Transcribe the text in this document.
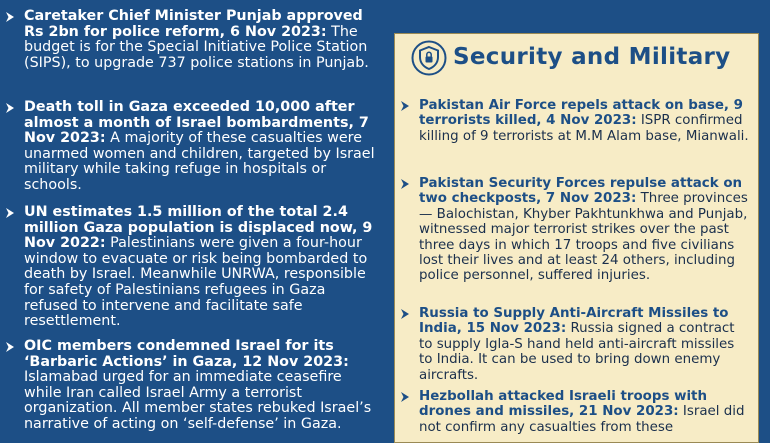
Caretaker Chief Minister Punjab approved Rs 2bn for police reform, 6 Nov 2023: The budget is for the Special Initiative Police Station (SIPS), to upgrade 737 police stations in Punjab.
Death toll in Gaza exceeded 10,000 after almost a month of Israel bombardments, 7 Nov 2023: A majority of these casualties were unarmed women and children, targeted by Israel military while taking refuge in hospitals or schools.
UN estimates 1.5 million of the total 2.4 million Gaza population is displaced now, 9 Nov 2022: Palestinians were given a four-hour window to evacuate or risk being bombarded to death by Israel. Meanwhile UNRWA, responsible for safety of Palestinians refugees in Gaza refused to intervene and facilitate safe resettlement.
OIC members condemned Israel for its ‘Barbaric Actions’ in Gaza, 12 Nov 2023: Islamabad urged for an immediate ceasefire while Iran called Israel Army a terrorist organization. All member states rebuked Israel’s narrative of acting on ‘self-defense’ in Gaza.
Security and Military
Pakistan Air Force repels attack on base, 9 terrorists killed, 4 Nov 2023: ISPR confirmed killing of 9 terrorists at M.M Alam base, Mianwali.
Pakistan Security Forces repulse attack on two checkposts, 7 Nov 2023: Three provinces — Balochistan, Khyber Pakhtunkhwa and Punjab, witnessed major terrorist strikes over the past three days in which 17 troops and five civilians lost their lives and at least 24 others, including police personnel, suffered injuries.
Russia to Supply Anti-Aircraft Missiles to India, 15 Nov 2023: Russia signed a contract to supply Igla-S hand held anti-aircraft missiles to India. It can be used to bring down enemy aircrafts.
Hezbollah attacked Israeli troops with drones and missiles, 21 Nov 2023: Israel did not confirm any casualties from these
